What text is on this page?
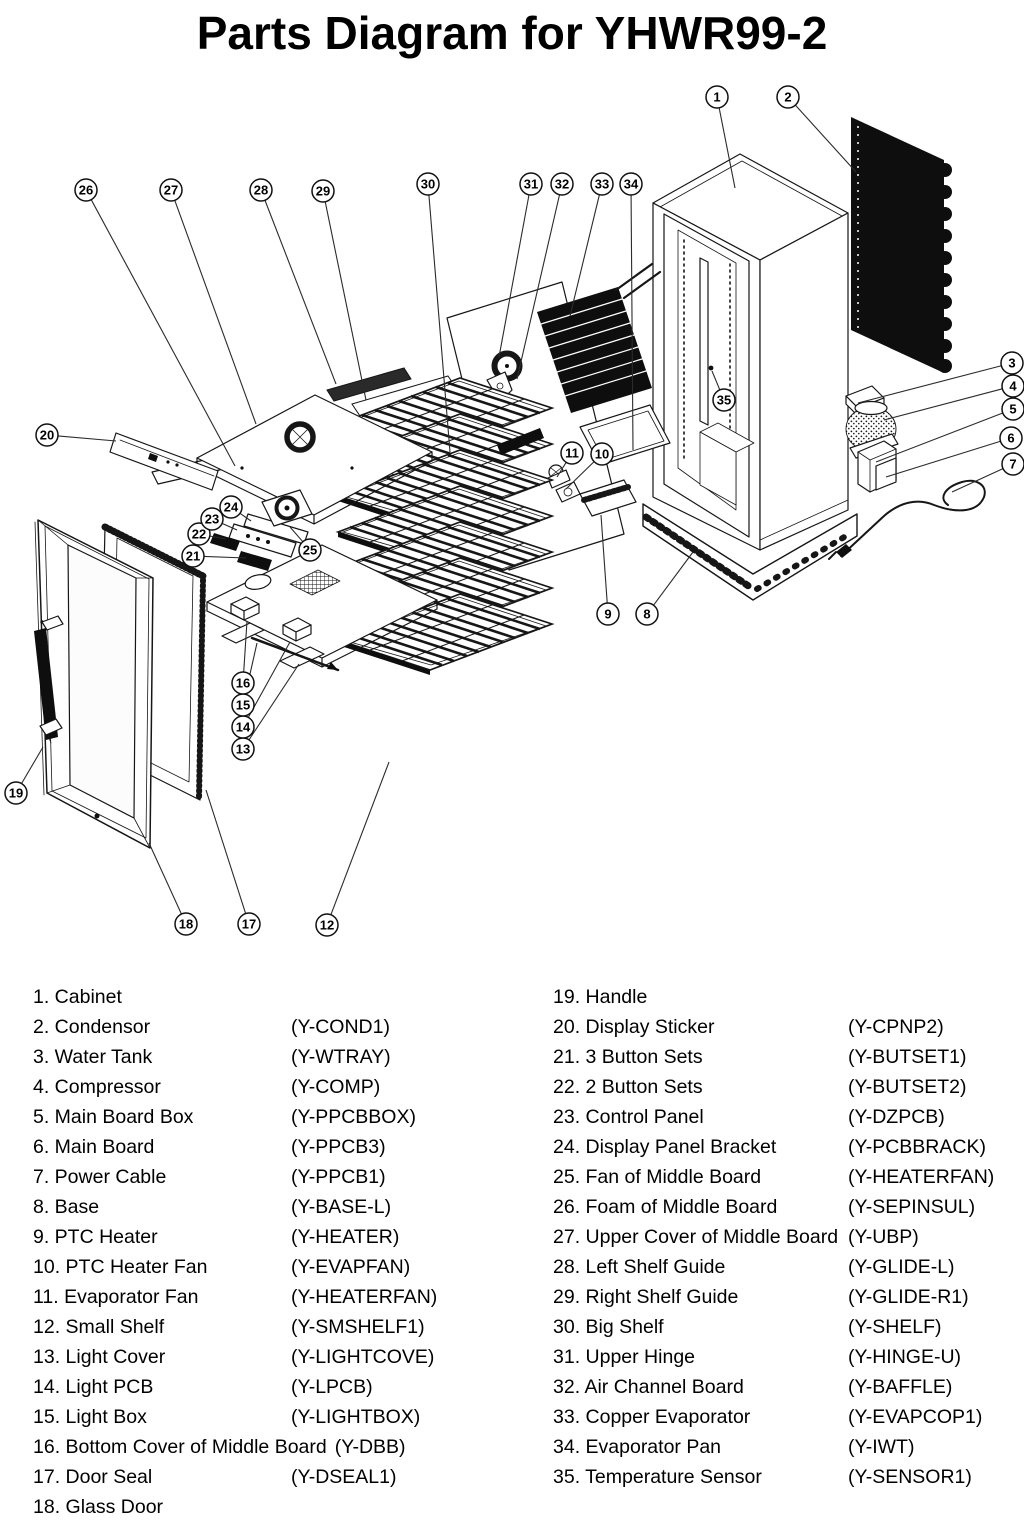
Parts Diagram for YHWR99-2
1	2
3
4
5
6
7
8
9
10
11
12
13
14
15
16
17
18
19
20
21
22
23
24
25
26	27	28	29	30	31 32 33 34
35
1. Cabinet
2. Condensor	(Y-COND1)
3. Water Tank	(Y-WTRAY)
4. Compressor	(Y-COMP)
5. Main Board Box	(Y-PPCBBOX)
6. Main Board	(Y-PPCB3)
7. Power Cable	(Y-PPCB1)
8. Base	(Y-BASE-L)
9. PTC Heater	(Y-HEATER)
10. PTC Heater Fan	(Y-EVAPFAN)
11. Evaporator Fan	(Y-HEATERFAN)
12. Small Shelf	(Y-SMSHELF1)
13. Light Cover	(Y-LIGHTCOVE)
14. Light PCB	(Y-LPCB)
15. Light Box	(Y-LIGHTBOX)
16. Bottom Cover of Middle Board (Y-DBB)
17. Door Seal	(Y-DSEAL1)
18. Glass Door
19. Handle
20. Display Sticker	(Y-CPNP2)
21. 3 Button Sets	(Y-BUTSET1)
22. 2 Button Sets	(Y-BUTSET2)
23. Control Panel	(Y-DZPCB)
24. Display Panel Bracket	(Y-PCBBRACK)
25. Fan of Middle Board	(Y-HEATERFAN)
26. Foam of Middle Board	(Y-SEPINSUL)
27. Upper Cover of Middle Board (Y-UBP)
28. Left Shelf Guide	(Y-GLIDE-L)
29. Right Shelf Guide	(Y-GLIDE-R1)
30. Big Shelf	(Y-SHELF)
31. Upper Hinge	(Y-HINGE-U)
32. Air Channel Board	(Y-BAFFLE)
33. Copper Evaporator	(Y-EVAPCOP1)
34. Evaporator Pan	(Y-IWT)
35. Temperature Sensor	(Y-SENSOR1)
